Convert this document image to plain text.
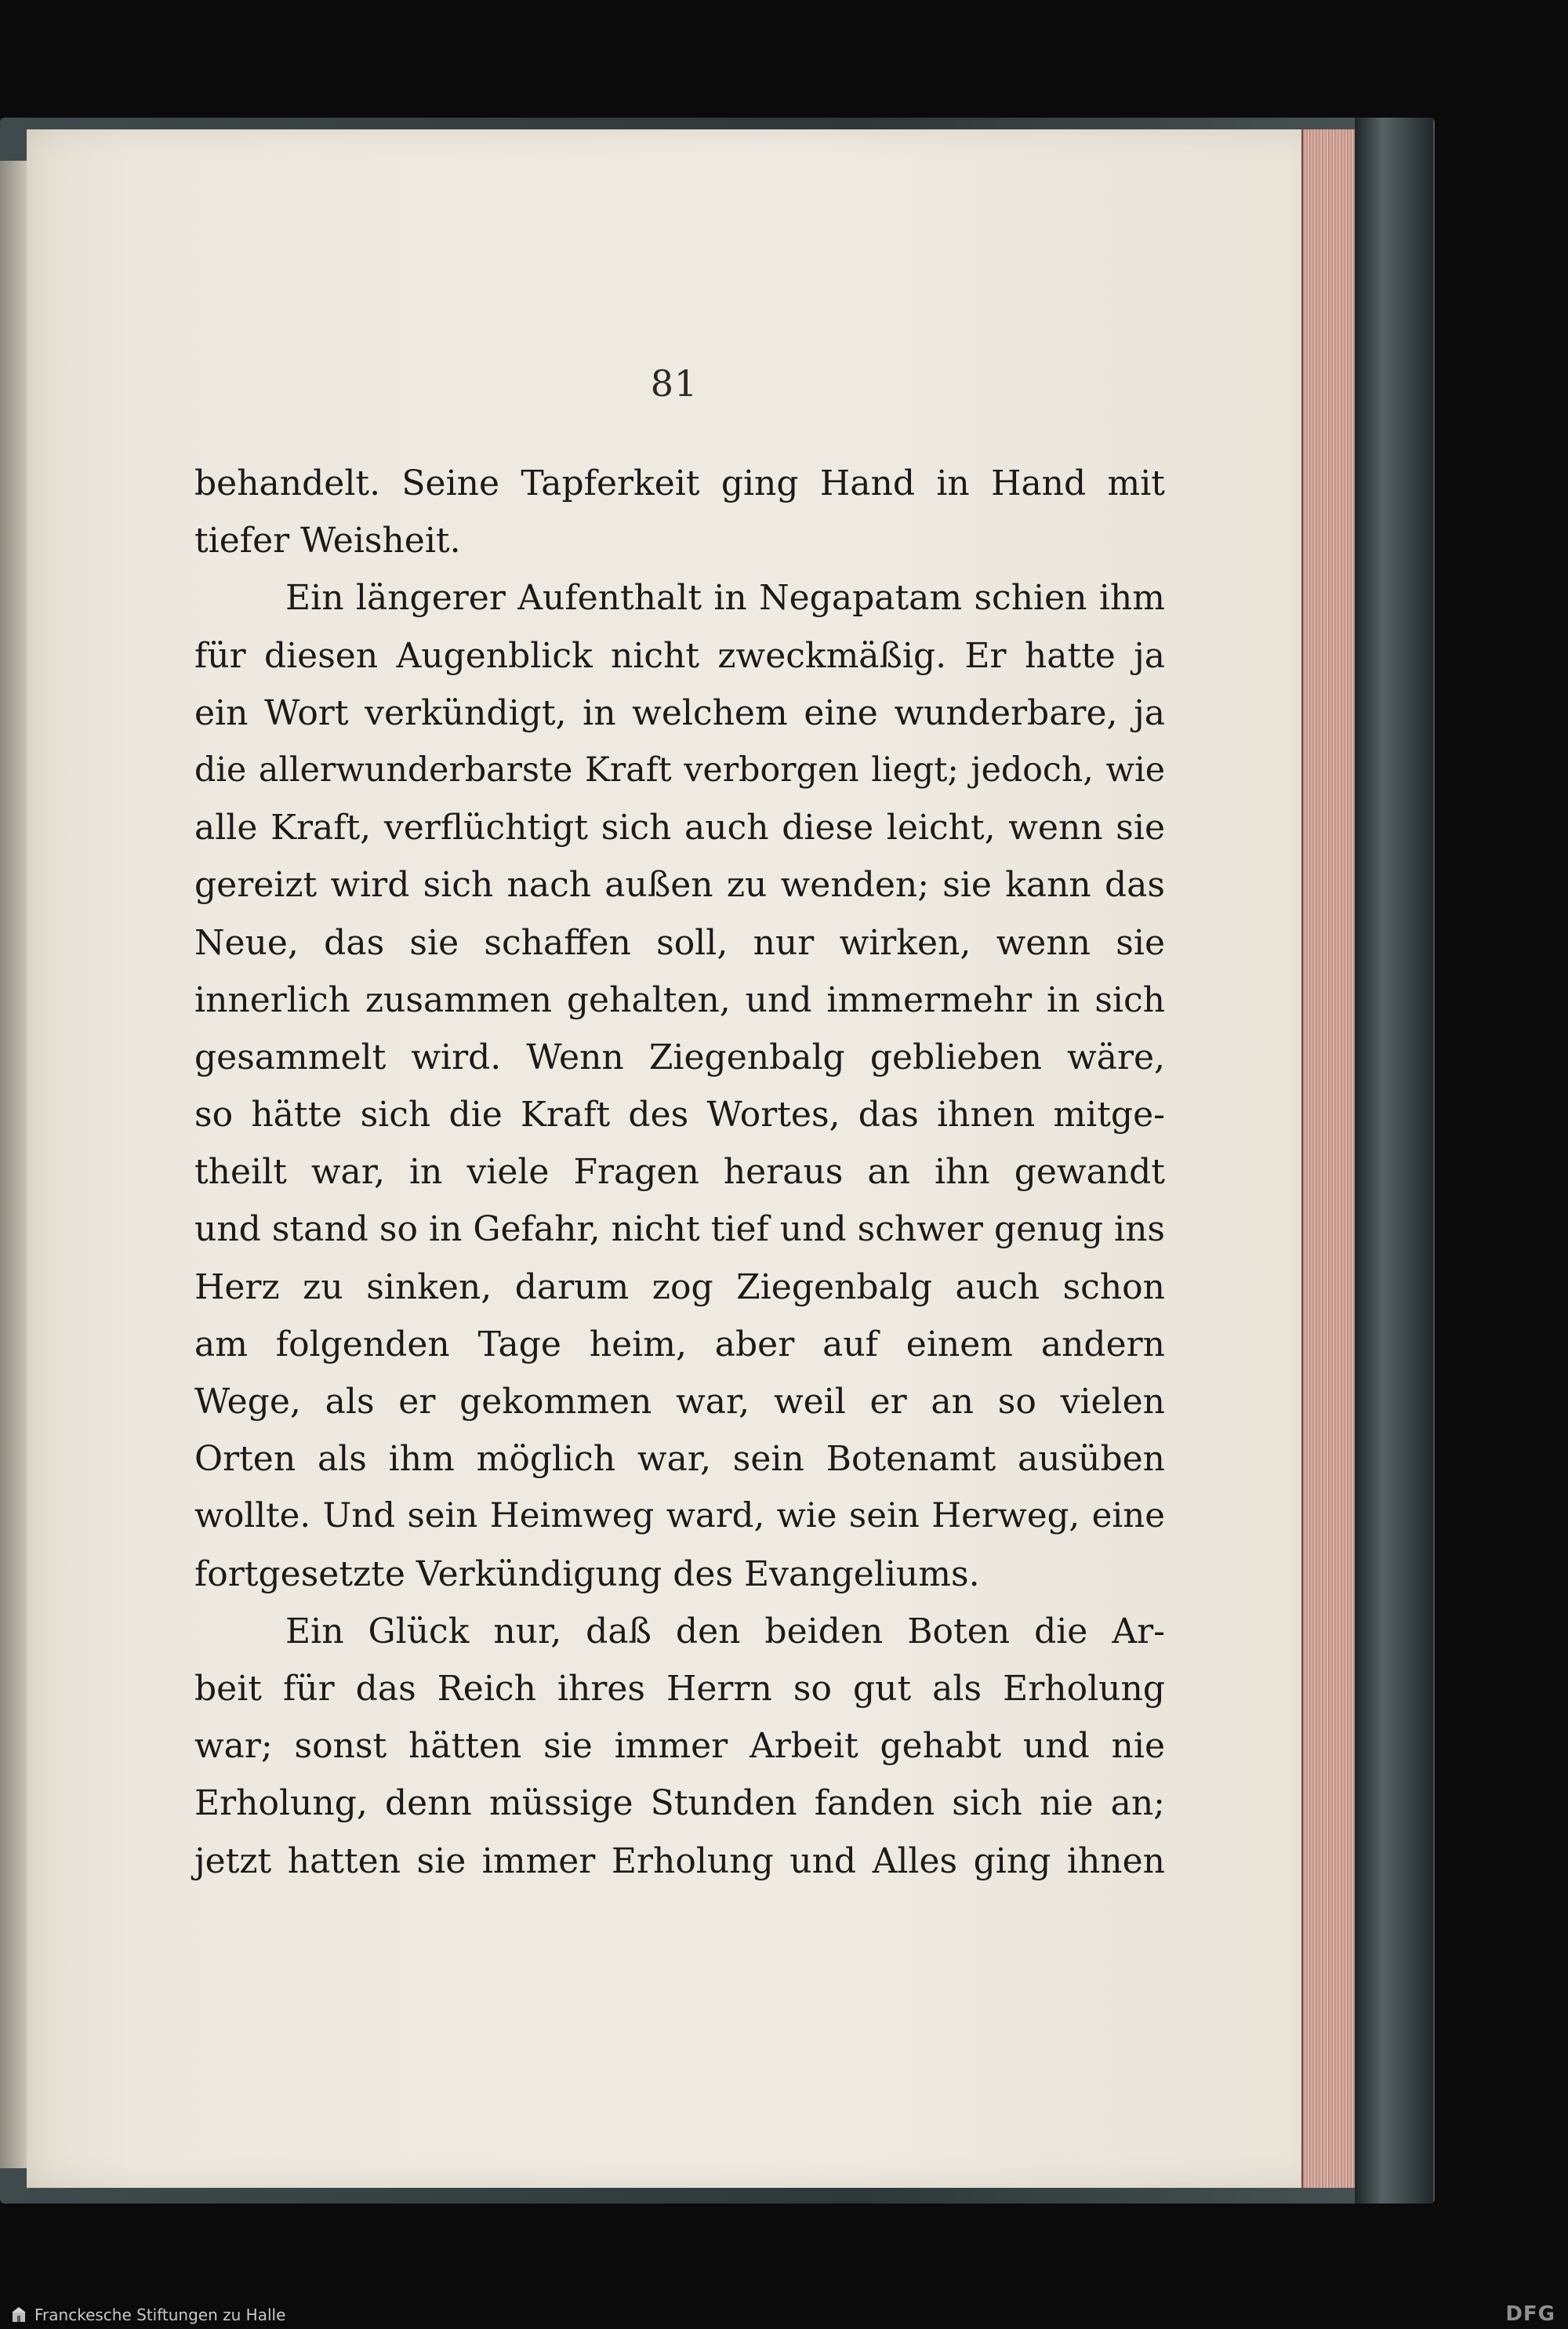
81
behandelt. Seine Tapferkeit ging Hand in Hand mit
tiefer Weisheit.
Ein längerer Aufenthalt in Negapatam schien ihm
für diesen Augenblick nicht zweckmäßig. Er hatte ja
ein Wort verkündigt, in welchem eine wunderbare, ja
die allerwunderbarste Kraft verborgen liegt; jedoch, wie
alle Kraft, verflüchtigt sich auch diese leicht, wenn sie
gereizt wird sich nach außen zu wenden; sie kann das
Neue, das sie schaffen soll, nur wirken, wenn sie
innerlich zusammen gehalten, und immermehr in sich
gesammelt wird. Wenn Ziegenbalg geblieben wäre,
so hätte sich die Kraft des Wortes, das ihnen mitge-
theilt war, in viele Fragen heraus an ihn gewandt
und stand so in Gefahr, nicht tief und schwer genug ins
Herz zu sinken, darum zog Ziegenbalg auch schon
am folgenden Tage heim, aber auf einem andern
Wege, als er gekommen war, weil er an so vielen
Orten als ihm möglich war, sein Botenamt ausüben
wollte. Und sein Heimweg ward, wie sein Herweg, eine
fortgesetzte Verkündigung des Evangeliums.
Ein Glück nur, daß den beiden Boten die Ar-
beit für das Reich ihres Herrn so gut als Erholung
war; sonst hätten sie immer Arbeit gehabt und nie
Erholung, denn müssige Stunden fanden sich nie an;
jetzt hatten sie immer Erholung und Alles ging ihnen
Franckesche Stiftungen zu Halle	DFG
